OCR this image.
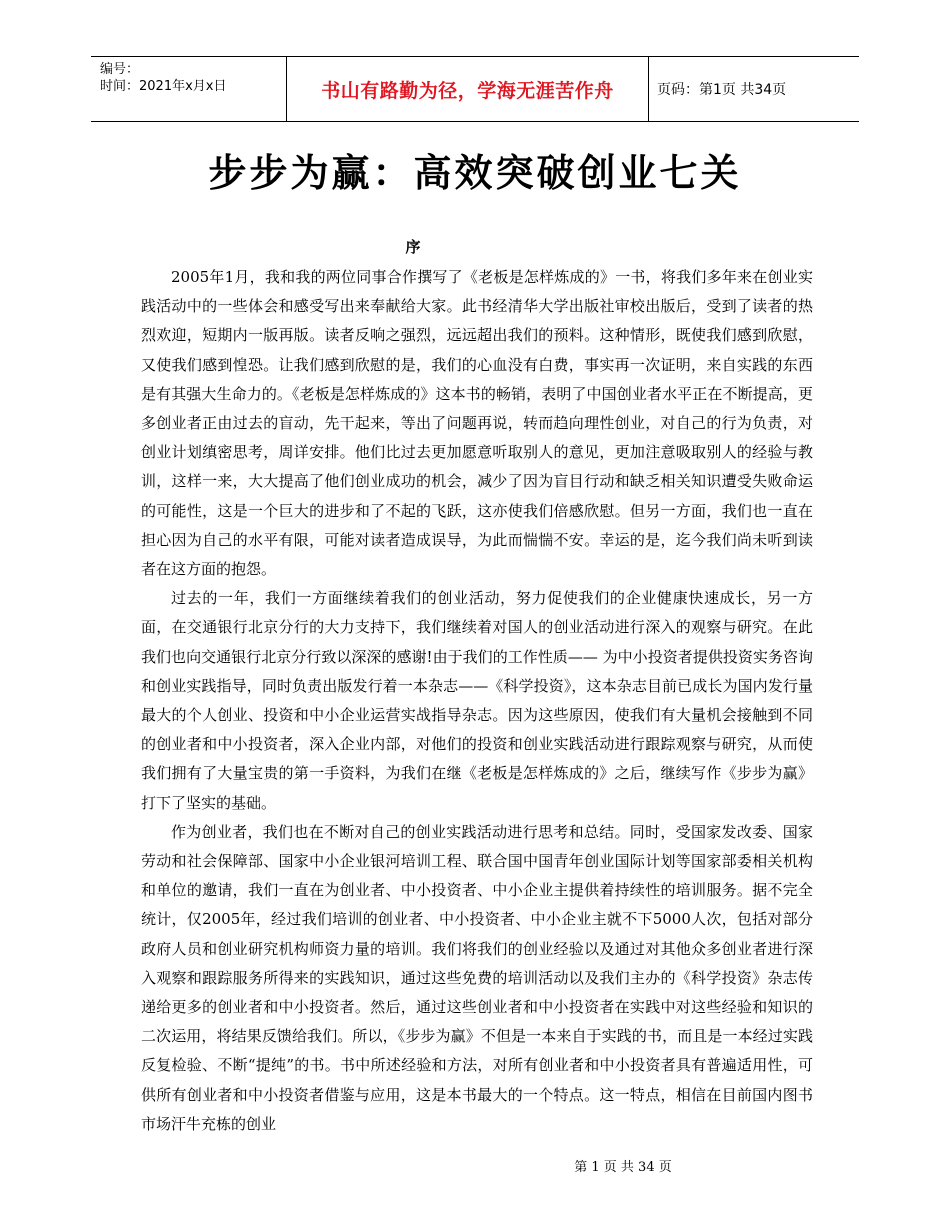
编号：
时间：2021年x月x日	书山有路勤为径，学海无涯苦作舟	页码：第1页 共34页
步步为赢：高效突破创业七关
序

2005年1月，我和我的两位同事合作撰写了《老板是怎样炼成的》一书，将我们多年来在创业实践活动中的一些体会和感受写出来奉献给大家。此书经清华大学出版社审校出版后，受到了读者的热烈欢迎，短期内一版再版。读者反响之强烈，远远超出我们的预料。这种情形，既使我们感到欣慰，又使我们感到惶恐。让我们感到欣慰的是，我们的心血没有白费，事实再一次证明，来自实践的东西是有其强大生命力的。《老板是怎样炼成的》这本书的畅销，表明了中国创业者水平正在不断提高，更多创业者正由过去的盲动，先干起来，等出了问题再说，转而趋向理性创业，对自己的行为负责，对创业计划缜密思考，周详安排。他们比过去更加愿意听取别人的意见，更加注意吸取别人的经验与教训，这样一来，大大提高了他们创业成功的机会，减少了因为盲目行动和缺乏相关知识遭受失败命运的可能性，这是一个巨大的进步和了不起的飞跃，这亦使我们倍感欣慰。但另一方面，我们也一直在担心因为自己的水平有限，可能对读者造成误导，为此而惴惴不安。幸运的是，迄今我们尚未听到读者在这方面的抱怨。

过去的一年，我们一方面继续着我们的创业活动，努力促使我们的企业健康快速成长，另一方面，在交通银行北京分行的大力支持下，我们继续着对国人的创业活动进行深入的观察与研究。在此我们也向交通银行北京分行致以深深的感谢!由于我们的工作性质—— 为中小投资者提供投资实务咨询和创业实践指导，同时负责出版发行着一本杂志——《科学投资》，这本杂志目前已成长为国内发行量最大的个人创业、投资和中小企业运营实战指导杂志。因为这些原因，使我们有大量机会接触到不同的创业者和中小投资者，深入企业内部，对他们的投资和创业实践活动进行跟踪观察与研究，从而使我们拥有了大量宝贵的第一手资料，为我们在继《老板是怎样炼成的》之后，继续写作《步步为赢》打下了坚实的基础。

作为创业者，我们也在不断对自己的创业实践活动进行思考和总结。同时，受国家发改委、国家劳动和社会保障部、国家中小企业银河培训工程、联合国中国青年创业国际计划等国家部委相关机构和单位的邀请，我们一直在为创业者、中小投资者、中小企业主提供着持续性的培训服务。据不完全统计，仅2005年，经过我们培训的创业者、中小投资者、中小企业主就不下5000人次，包括对部分政府人员和创业研究机构师资力量的培训。我们将我们的创业经验以及通过对其他众多创业者进行深入观察和跟踪服务所得来的实践知识，通过这些免费的培训活动以及我们主办的《科学投资》杂志传递给更多的创业者和中小投资者。然后，通过这些创业者和中小投资者在实践中对这些经验和知识的二次运用，将结果反馈给我们。所以，《步步为赢》不但是一本来自于实践的书，而且是一本经过实践反复检验、不断“提纯”的书。书中所述经验和方法，对所有创业者和中小投资者具有普遍适用性，可供所有创业者和中小投资者借鉴与应用，这是本书最大的一个特点。这一特点，相信在目前国内图书市场汗牛充栋的创业

第 1 页 共 34 页
